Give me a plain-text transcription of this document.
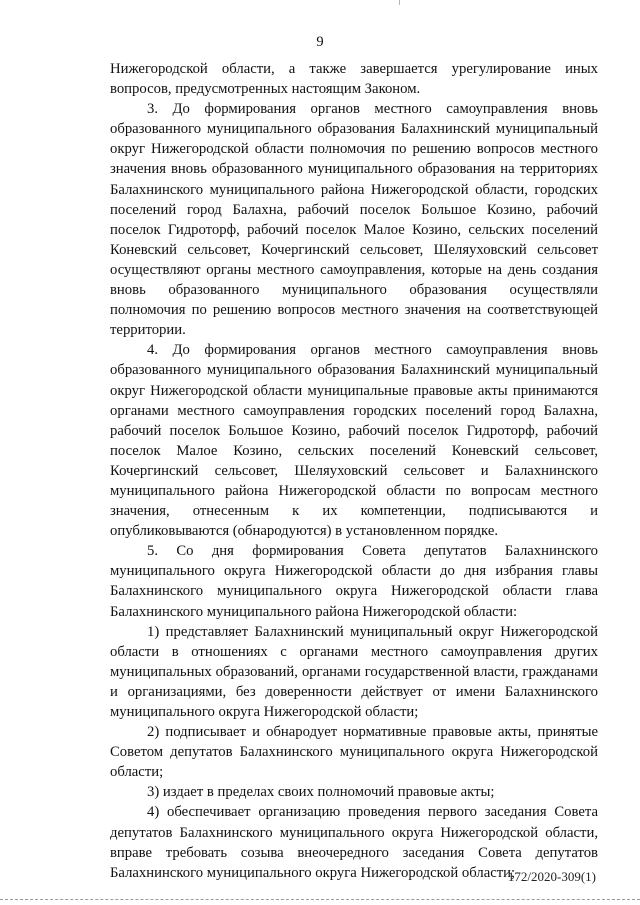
9

Нижегородской области, а также завершается урегулирование иных вопросов, предусмотренных настоящим Законом.

3. До формирования органов местного самоуправления вновь образованного муниципального образования Балахнинский муниципальный округ Нижегородской области полномочия по решению вопросов местного значения вновь образованного муниципального образования на территориях Балахнинского муниципального района Нижегородской области, городских поселений город Балахна, рабочий поселок Большое Козино, рабочий поселок Гидроторф, рабочий поселок Малое Козино, сельских поселений Коневский сельсовет, Кочергинский сельсовет, Шеляуховский сельсовет осуществляют органы местного самоуправления, которые на день создания вновь образованного муниципального образования осуществляли полномочия по решению вопросов местного значения на соответствующей территории.

4. До формирования органов местного самоуправления вновь образованного муниципального образования Балахнинский муниципальный округ Нижегородской области муниципальные правовые акты принимаются органами местного самоуправления городских поселений город Балахна, рабочий поселок Большое Козино, рабочий поселок Гидроторф, рабочий поселок Малое Козино, сельских поселений Коневский сельсовет, Кочергинский сельсовет, Шеляуховский сельсовет и Балахнинского муниципального района Нижегородской области по вопросам местного значения, отнесенным к их компетенции, подписываются и опубликовываются (обнародуются) в установленном порядке.

5. Со дня формирования Совета депутатов Балахнинского муниципального округа Нижегородской области до дня избрания главы Балахнинского муниципального округа Нижегородской области глава Балахнинского муниципального района Нижегородской области:

1) представляет Балахнинский муниципальный округ Нижегородской области в отношениях с органами местного самоуправления других муниципальных образований, органами государственной власти, гражданами и организациями, без доверенности действует от имени Балахнинского муниципального округа Нижегородской области;

2) подписывает и обнародует нормативные правовые акты, принятые Советом депутатов Балахнинского муниципального округа Нижегородской области;

3) издает в пределах своих полномочий правовые акты;

4) обеспечивает организацию проведения первого заседания Совета депутатов Балахнинского муниципального округа Нижегородской области, вправе требовать созыва внеочередного заседания Совета депутатов Балахнинского муниципального округа Нижегородской области;

172/2020-309(1)
